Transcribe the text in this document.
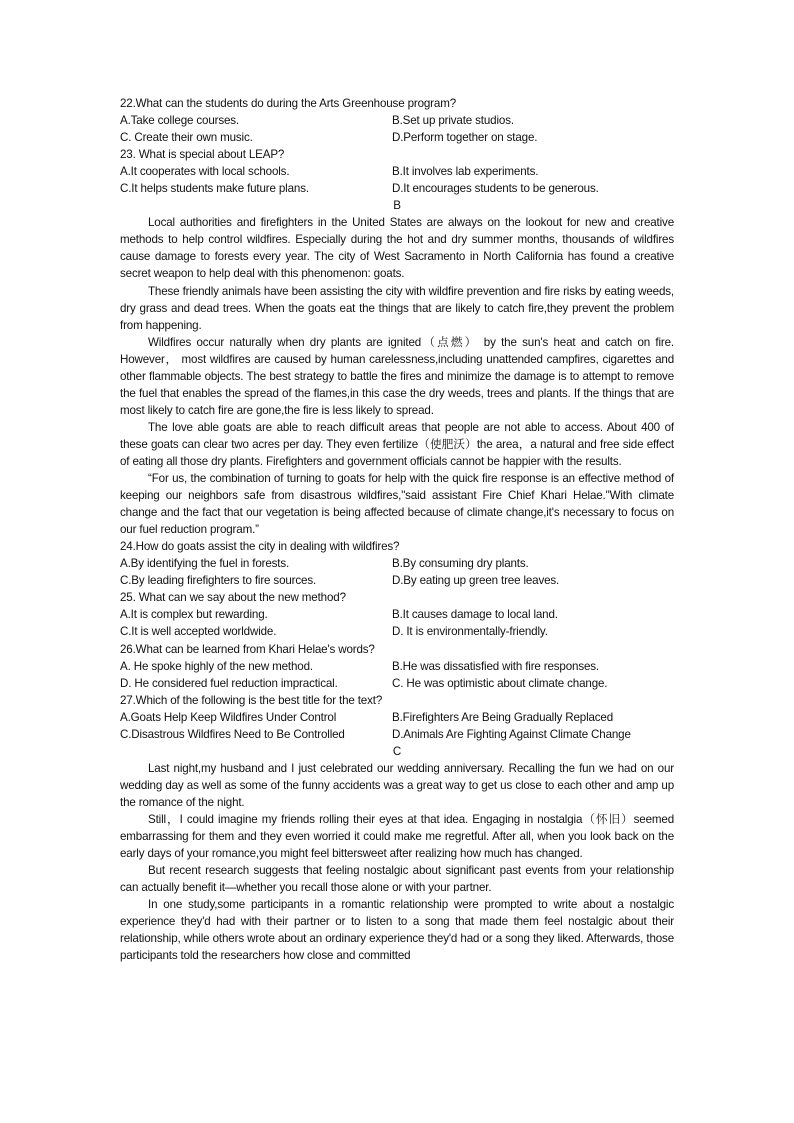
22.What can the students do during the Arts Greenhouse program?
A.Take college courses.	B.Set up private studios.
C. Create their own music.	D.Perform together on stage.
23. What is special about LEAP?
A.It cooperates with local schools.	B.It involves lab experiments.
C.It helps students make future plans.	D.It encourages students to be generous.
B

Local authorities and firefighters in the United States are always on the lookout for new and creative methods to help control wildfires. Especially during the hot and dry summer months, thousands of wildfires cause damage to forests every year. The city of West Sacramento in North California has found a creative secret weapon to help deal with this phenomenon: goats.

These friendly animals have been assisting the city with wildfire prevention and fire risks by eating weeds, dry grass and dead trees. When the goats eat the things that are likely to catch fire,they prevent the problem from happening.

Wildfires occur naturally when dry plants are ignited（点燃） by the sun's heat and catch on fire. However， most wildfires are caused by human carelessness,including unattended campfires, cigarettes and other flammable objects. The best strategy to battle the fires and minimize the damage is to attempt to remove the fuel that enables the spread of the flames,in this case the dry weeds, trees and plants. If the things that are most likely to catch fire are gone,the fire is less likely to spread.

The love able goats are able to reach difficult areas that people are not able to access. About 400 of these goats can clear two acres per day. They even fertilize（使肥沃）the area，a natural and free side effect of eating all those dry plants. Firefighters and government officials cannot be happier with the results.

“For us, the combination of turning to goats for help with the quick fire response is an effective method of keeping our neighbors safe from disastrous wildfires,"said assistant Fire Chief Khari Helae."With climate change and the fact that our vegetation is being affected because of climate change,it's necessary to focus on our fuel reduction program.”

24.How do goats assist the city in dealing with wildfires?
A.By identifying the fuel in forests.	B.By consuming dry plants.
C.By leading firefighters to fire sources.	D.By eating up green tree leaves.
25. What can we say about the new method?
A.It is complex but rewarding.	B.It causes damage to local land.
C.It is well accepted worldwide.	D. It is environmentally-friendly.
26.What can be learned from Khari Helae's words?
A. He spoke highly of the new method.	B.He was dissatisfied with fire responses.
D. He considered fuel reduction impractical.	C. He was optimistic about climate change.
27.Which of the following is the best title for the text?
A.Goats Help Keep Wildfires Under Control	B.Firefighters Are Being Gradually Replaced
C.Disastrous Wildfires Need to Be Controlled	D.Animals Are Fighting Against Climate Change
C

Last night,my husband and I just celebrated our wedding anniversary. Recalling the fun we had on our wedding day as well as some of the funny accidents was a great way to get us close to each other and amp up the romance of the night.

Still，I could imagine my friends rolling their eyes at that idea. Engaging in nostalgia（怀旧）seemed embarrassing for them and they even worried it could make me regretful. After all, when you look back on the early days of your romance,you might feel bittersweet after realizing how much has changed.

But recent research suggests that feeling nostalgic about significant past events from your relationship can actually benefit it—whether you recall those alone or with your partner.

In one study,some participants in a romantic relationship were prompted to write about a nostalgic experience they'd had with their partner or to listen to a song that made them feel nostalgic about their relationship, while others wrote about an ordinary experience they'd had or a song they liked. Afterwards, those participants told the researchers how close and committed
